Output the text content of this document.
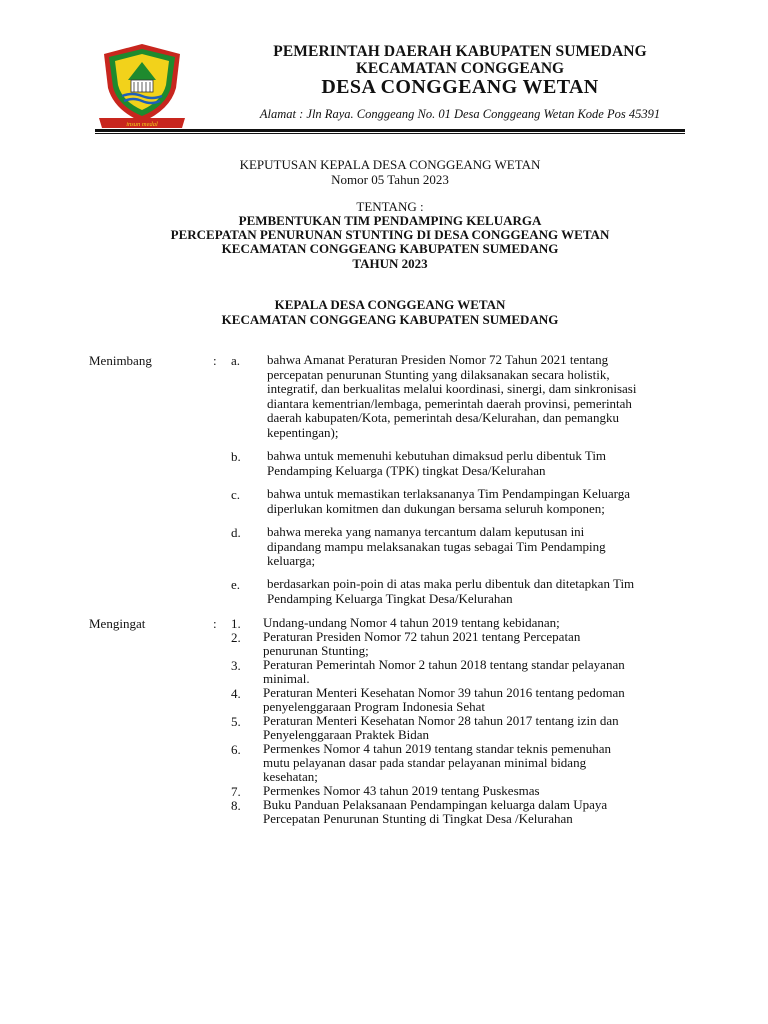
insun medal
PEMERINTAH DAERAH KABUPATEN SUMEDANG
KECAMATAN CONGGEANG
DESA CONGGEANG WETAN
Alamat : Jln Raya. Conggeang No. 01 Desa Conggeang Wetan Kode Pos 45391
KEPUTUSAN KEPALA DESA CONGGEANG WETAN
Nomor 05 Tahun 2023
TENTANG :
PEMBENTUKAN TIM PENDAMPING KELUARGA
PERCEPATAN PENURUNAN STUNTING DI DESA CONGGEANG WETAN
KECAMATAN CONGGEANG KABUPATEN SUMEDANG
TAHUN 2023
KEPALA DESA CONGGEANG WETAN
KECAMATAN CONGGEANG KABUPATEN SUMEDANG
Menimbang	: a. bahwa Amanat Peraturan Presiden Nomor 72 Tahun 2021 tentang
percepatan penurunan Stunting yang dilaksanakan secara holistik,
integratif, dan berkualitas melalui koordinasi, sinergi, dam sinkronisasi
diantara kementrian/lembaga, pemerintah daerah provinsi, pemerintah
daerah kabupaten/Kota, pemerintah desa/Kelurahan, dan pemangku
kepentingan);
b. bahwa untuk memenuhi kebutuhan dimaksud perlu dibentuk Tim
Pendamping Keluarga (TPK) tingkat Desa/Kelurahan
c. bahwa untuk memastikan terlaksananya Tim Pendampingan Keluarga
diperlukan komitmen dan dukungan bersama seluruh komponen;
d. bahwa mereka yang namanya tercantum dalam keputusan ini
dipandang mampu melaksanakan tugas sebagai Tim Pendamping
keluarga;
e. berdasarkan poin-poin di atas maka perlu dibentuk dan ditetapkan Tim
Pendamping Keluarga Tingkat Desa/Kelurahan
Mengingat	: 1. Undang-undang Nomor 4 tahun 2019 tentang kebidanan;
2. Peraturan Presiden Nomor 72 tahun 2021 tentang Percepatan
penurunan Stunting;
3. Peraturan Pemerintah Nomor 2 tahun 2018 tentang standar pelayanan
minimal.
4. Peraturan Menteri Kesehatan Nomor 39 tahun 2016 tentang pedoman
penyelenggaraan Program Indonesia Sehat
5. Peraturan Menteri Kesehatan Nomor 28 tahun 2017 tentang izin dan
Penyelenggaraan Praktek Bidan
6. Permenkes Nomor 4 tahun 2019 tentang standar teknis pemenuhan
mutu pelayanan dasar pada standar pelayanan minimal bidang
kesehatan;
7. Permenkes Nomor 43 tahun 2019 tentang Puskesmas
8. Buku Panduan Pelaksanaan Pendampingan keluarga dalam Upaya
Percepatan Penurunan Stunting di Tingkat Desa /Kelurahan
